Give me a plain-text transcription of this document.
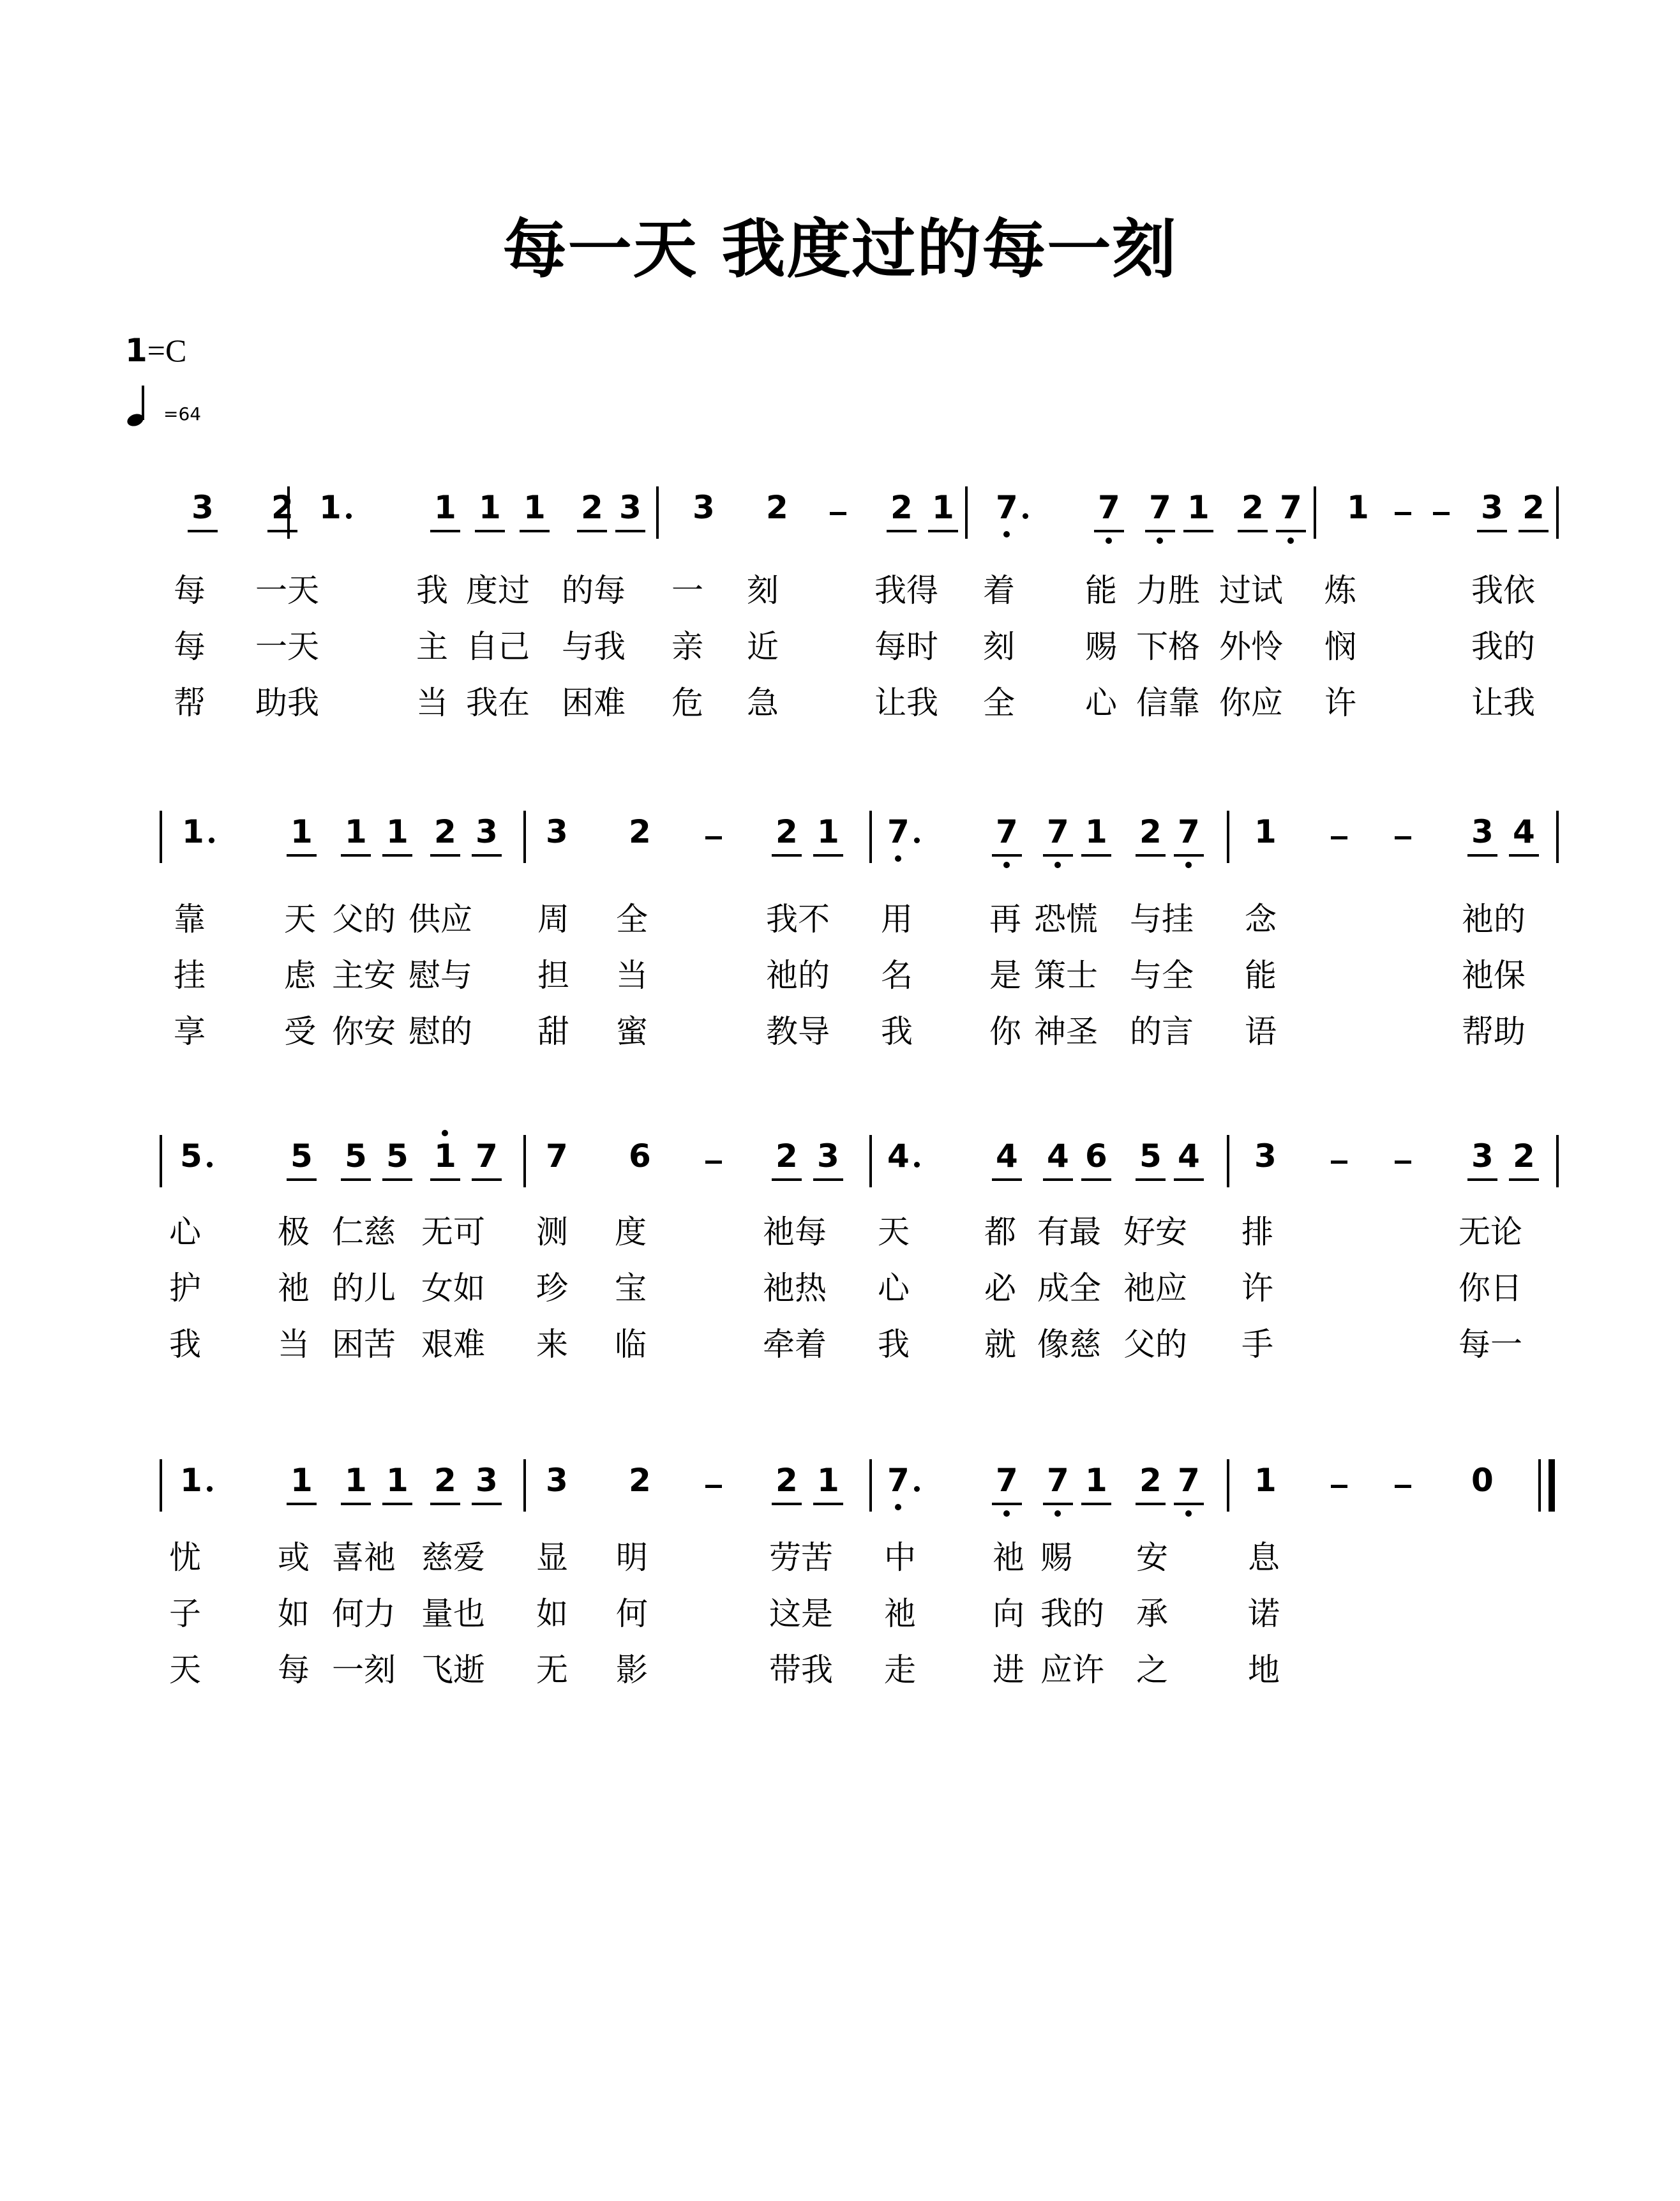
每一天 我度过的每一刻
1=C
=64
3 2 1	1 1 1 2 3 3 2	2 1 7	7 7 1 2 7 1	3 2
每 一天	我 度过 的每 一 刻	我得 着 能 力胜 过试 炼	我依
每 一天	主 自己 与我 亲 近	每时 刻 赐 下格 外怜 悯	我的
帮 助我	当 我在 困难 危 急	让我 全 心 信靠 你应 许	让我
1	1 1 1 2 3 3 2	2 1 7	7 7 1 2 7 1	3 4
靠 天 父的 供应 周 全	我不 用 再 恐慌 与挂 念	祂的
挂 虑 主安 慰与 担 当	祂的 名 是 策士 与全 能	祂保
享 受 你安 慰的 甜 蜜	教导 我 你 神圣 的言 语	帮助
5	5 5 5 1 7 7 6	2 3 4	4 4 6 5 4 3	3 2
心 极 仁慈 无可 测 度	祂每 天 都 有最 好安 排	无论
护 祂 的儿 女如 珍 宝	祂热 心 必 成全 祂应 许	你日
我 当 困苦 艰难 来 临	牵着 我 就 像慈 父的 手	每一
1	1 1 1 2 3 3 2	2 1 7	7 7 1 2 7 1	0
忧 或 喜祂 慈爱 显 明	劳苦 中 祂 赐 安	息
子 如 何力 量也 如 何	这是 祂 向 我的 承	诺
天 每 一刻 飞逝 无 影	带我 走 进 应许 之	地
